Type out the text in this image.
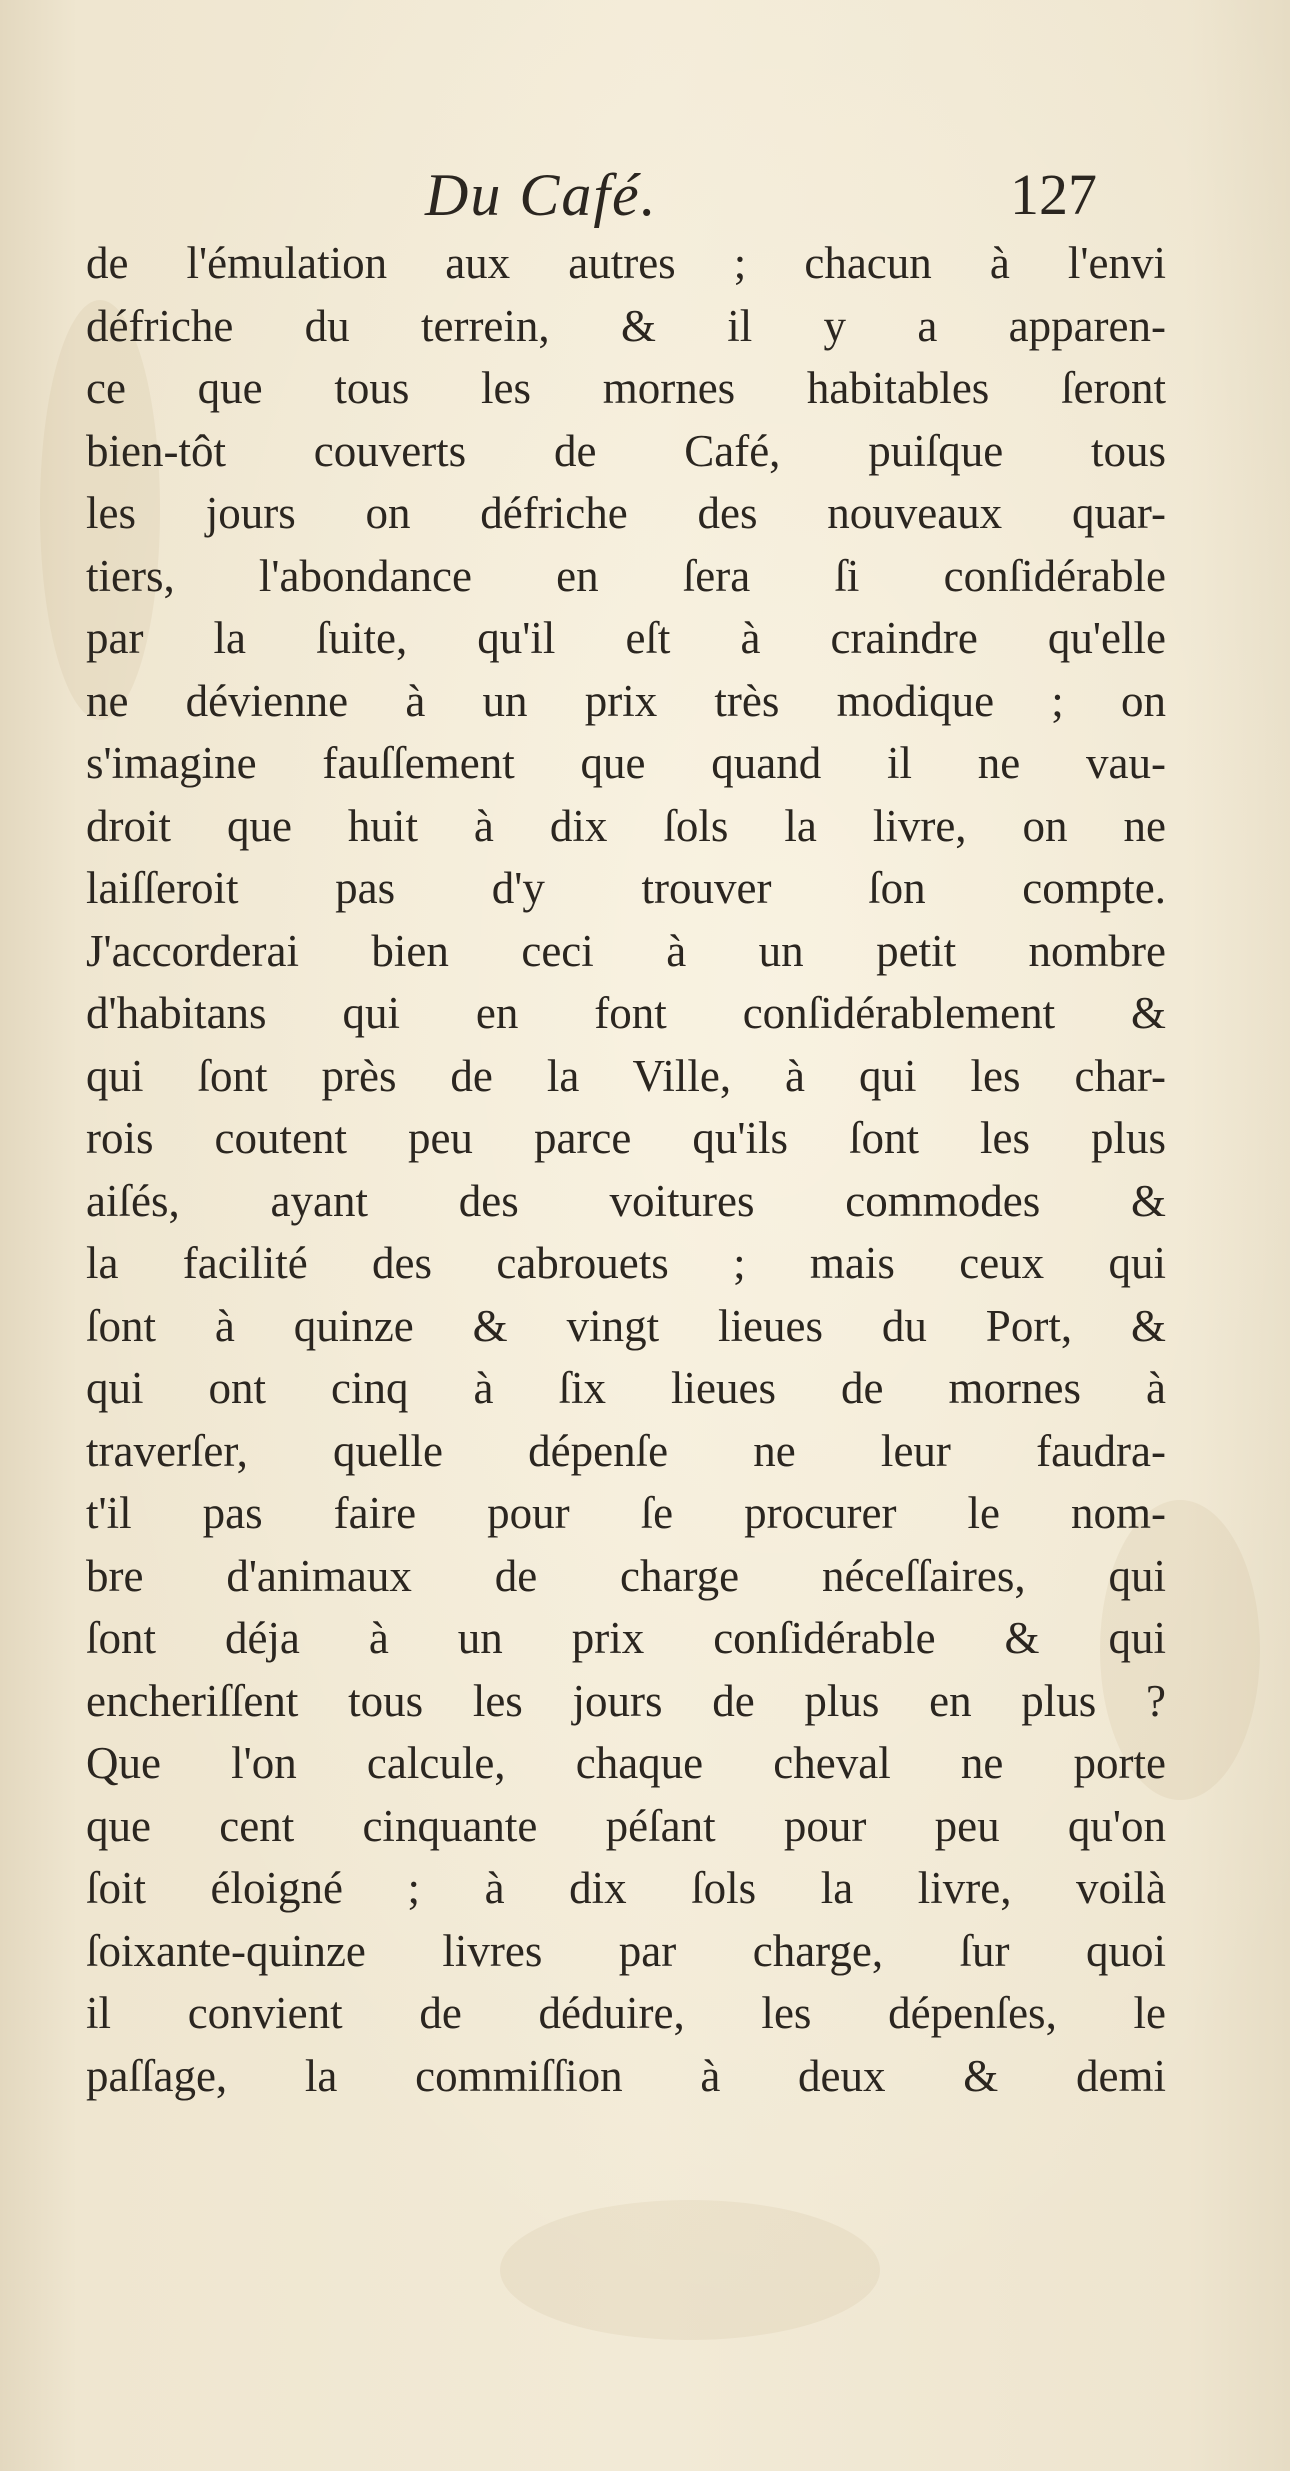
Du Café.	127
de l'émulation aux autres ; chacun à l'envi
défriche du terrein, & il y a apparen-
ce que tous les mornes habitables ſeront
bien-tôt couverts de Café, puiſque tous
les jours on défriche des nouveaux quar-
tiers, l'abondance en ſera ſi conſidérable
par la ſuite, qu'il eſt à craindre qu'elle
ne dévienne à un prix très modique ; on
s'imagine fauſſement que quand il ne vau-
droit que huit à dix ſols la livre, on ne
laiſſeroit pas d'y trouver ſon compte.
J'accorderai bien ceci à un petit nombre
d'habitans qui en font conſidérablement &
qui ſont près de la Ville, à qui les char-
rois coutent peu parce qu'ils ſont les plus
aiſés, ayant des voitures commodes &
la facilité des cabrouets ; mais ceux qui
ſont à quinze & vingt lieues du Port, &
qui ont cinq à ſix lieues de mornes à
traverſer, quelle dépenſe ne leur faudra-
t'il pas faire pour ſe procurer le nom-
bre d'animaux de charge néceſſaires, qui
ſont déja à un prix conſidérable & qui
encheriſſent tous les jours de plus en plus ?
Que l'on calcule, chaque cheval ne porte
que cent cinquante péſant pour peu qu'on
ſoit éloigné ; à dix ſols la livre, voilà
ſoixante-quinze livres par charge, ſur quoi
il convient de déduire, les dépenſes, le
paſſage, la commiſſion à deux & demi
